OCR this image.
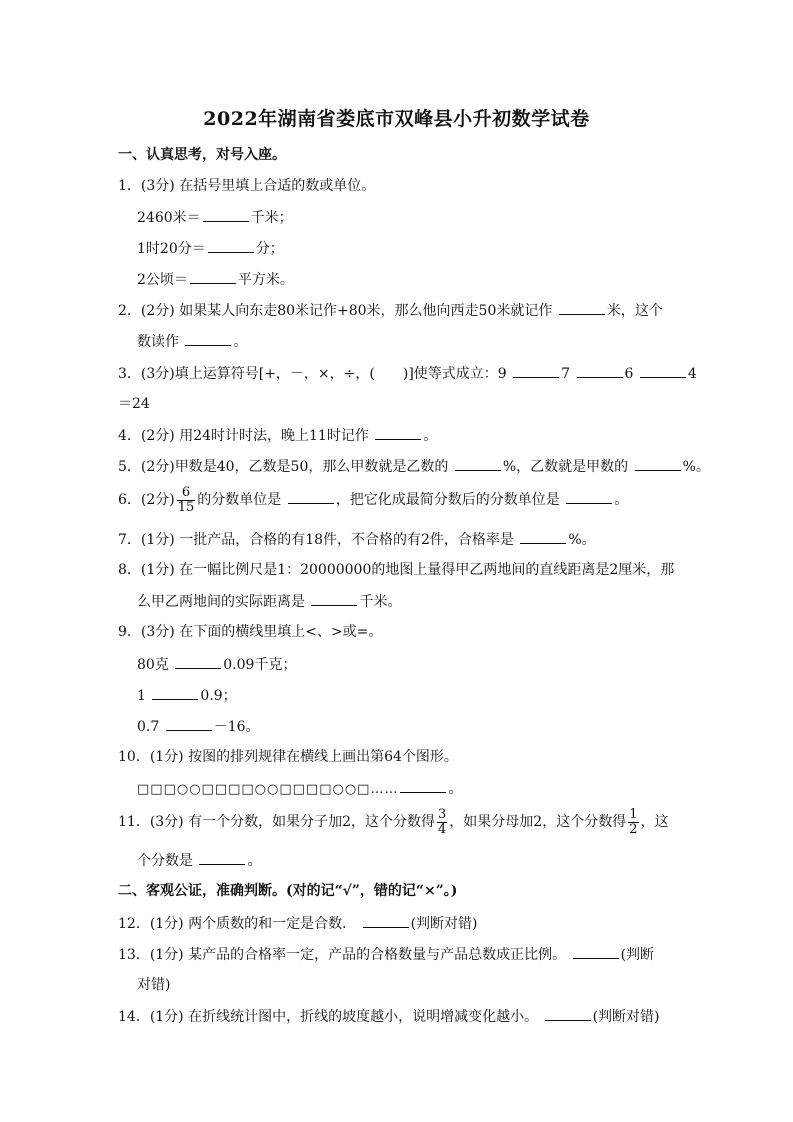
2022年湖南省娄底市双峰县小升初数学试卷
一、认真思考，对号入座。
1．(3分) 在括号里填上合适的数或单位。
2460米＝	千米；
1时20分＝	分；
2公顷＝	平方米。
2．(2分) 如果某人向东走80米记作+80米，那么他向西走50米就记作	米，这个
数读作	。
3．(3分)填上运算符号[+，－，×，÷，(　　)]使等式成立：9	7	6	4
＝24
4．(2分) 用24时计时法，晚上11时记作	。
5．(2分)甲数是40，乙数是50，那么甲数就是乙数的	%，乙数就是甲数的	%。
6．(2分) $\frac{6}{15}$ 的分数单位是	，把它化成最简分数后的分数单位是	。
7．(1分) 一批产品，合格的有18件，不合格的有2件，合格率是	%。
8．(1分) 在一幅比例尺是1：20000000的地图上量得甲乙两地间的直线距离是2厘米，那
么甲乙两地间的实际距离是	千米。
9．(3分) 在下面的横线里填上<、>或=。
80克	0.09千克；
1	0.9；
0.7	－16。
10．(1分) 按图的排列规律在横线上画出第64个图形。
□□□○○□□□□○○□□□□○○□……	。
11．(3分) 有一个分数，如果分子加2，这个分数得 $\frac{3}{4}$ ，如果分母加2，这个分数得 $\frac{1}{2}$ ，这
个分数是	。
二、客观公证，准确判断。(对的记“√”，错的记“×”。)
12．(1分) 两个质数的和一定是合数．	(判断对错)
13．(1分) 某产品的合格率一定，产品的合格数量与产品总数成正比例。	(判断
对错)
14．(1分) 在折线统计图中，折线的坡度越小，说明增减变化越小。	(判断对错)
